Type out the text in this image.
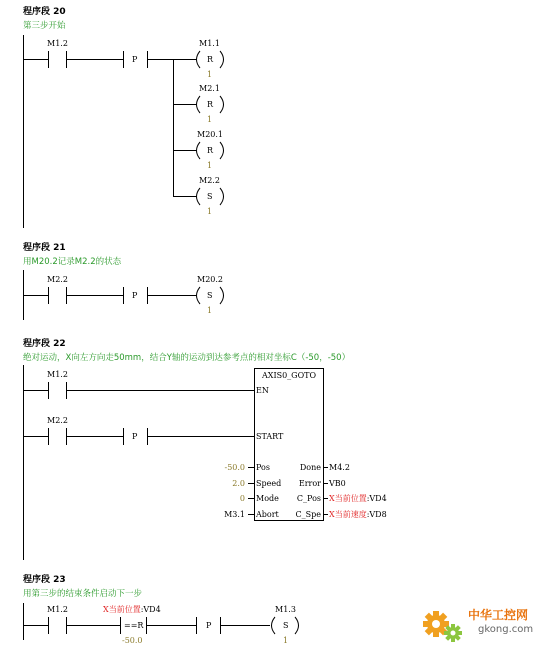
程序段 20
第三步开始
程序段 21
用M20.2记录M2.2的状态
程序段 22
绝对运动，X向左方向走50mm，结合Y轴的运动到达参考点的相对坐标C（-50，-50）
程序段 23
用第三步的结束条件启动下一步
M1.2
P
M1.1
R
1
M2.1
R
1
M20.1
R
1
M2.2
S
1
M2.2
P
M20.2
S
1
M1.2
M2.2
P
AXIS0_GOTO
EN
START
-50.0 Pos
2.0 Speed
0 Mode
M3.1 Abort
Done M4.2
Error VB0
C_Pos X当前位置:VD4
C_Spe X当前速度:VD8
M1.2	X当前位置:VD4
==R
-50.0
P
M1.3
S
1
中华工控网
gkong.com
